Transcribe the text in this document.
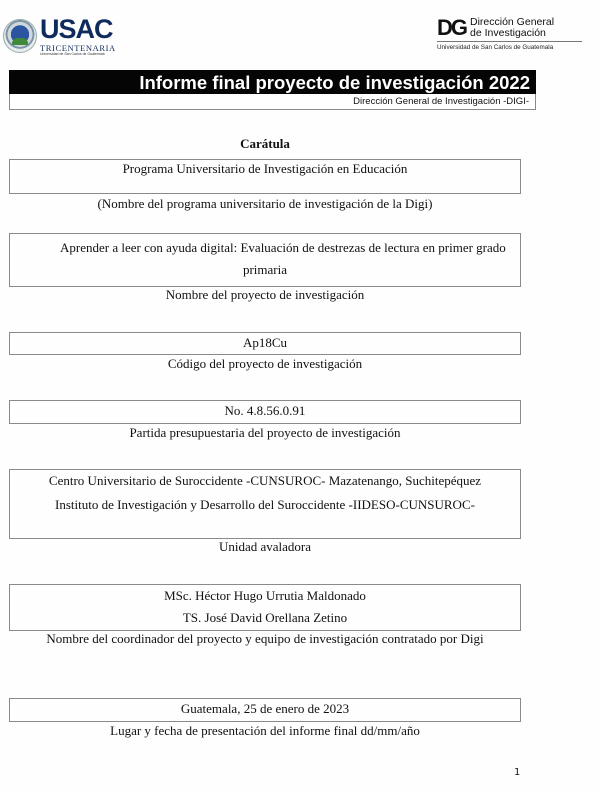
USAC
TRICENTENARIA
Universidad de San Carlos de Guatemala
DG Dirección General
de Investigación
Universidad de San Carlos de Guatemala
Informe final proyecto de investigación 2022
Dirección General de Investigación -DIGI-
Carátula
Programa Universitario de Investigación en Educación
(Nombre del programa universitario de investigación de la Digi)
Aprender a leer con ayuda digital: Evaluación de destrezas de lectura en primer grado
primaria
Nombre del proyecto de investigación
Ap18Cu
Código del proyecto de investigación
No. 4.8.56.0.91
Partida presupuestaria del proyecto de investigación
Centro Universitario de Suroccidente -CUNSUROC- Mazatenango, Suchitepéquez
Instituto de Investigación y Desarrollo del Suroccidente -IIDESO-CUNSUROC-
Unidad avaladora
MSc. Héctor Hugo Urrutia Maldonado
TS. José David Orellana Zetino
Nombre del coordinador del proyecto y equipo de investigación contratado por Digi
Guatemala, 25 de enero de 2023
Lugar y fecha de presentación del informe final dd/mm/año
1
